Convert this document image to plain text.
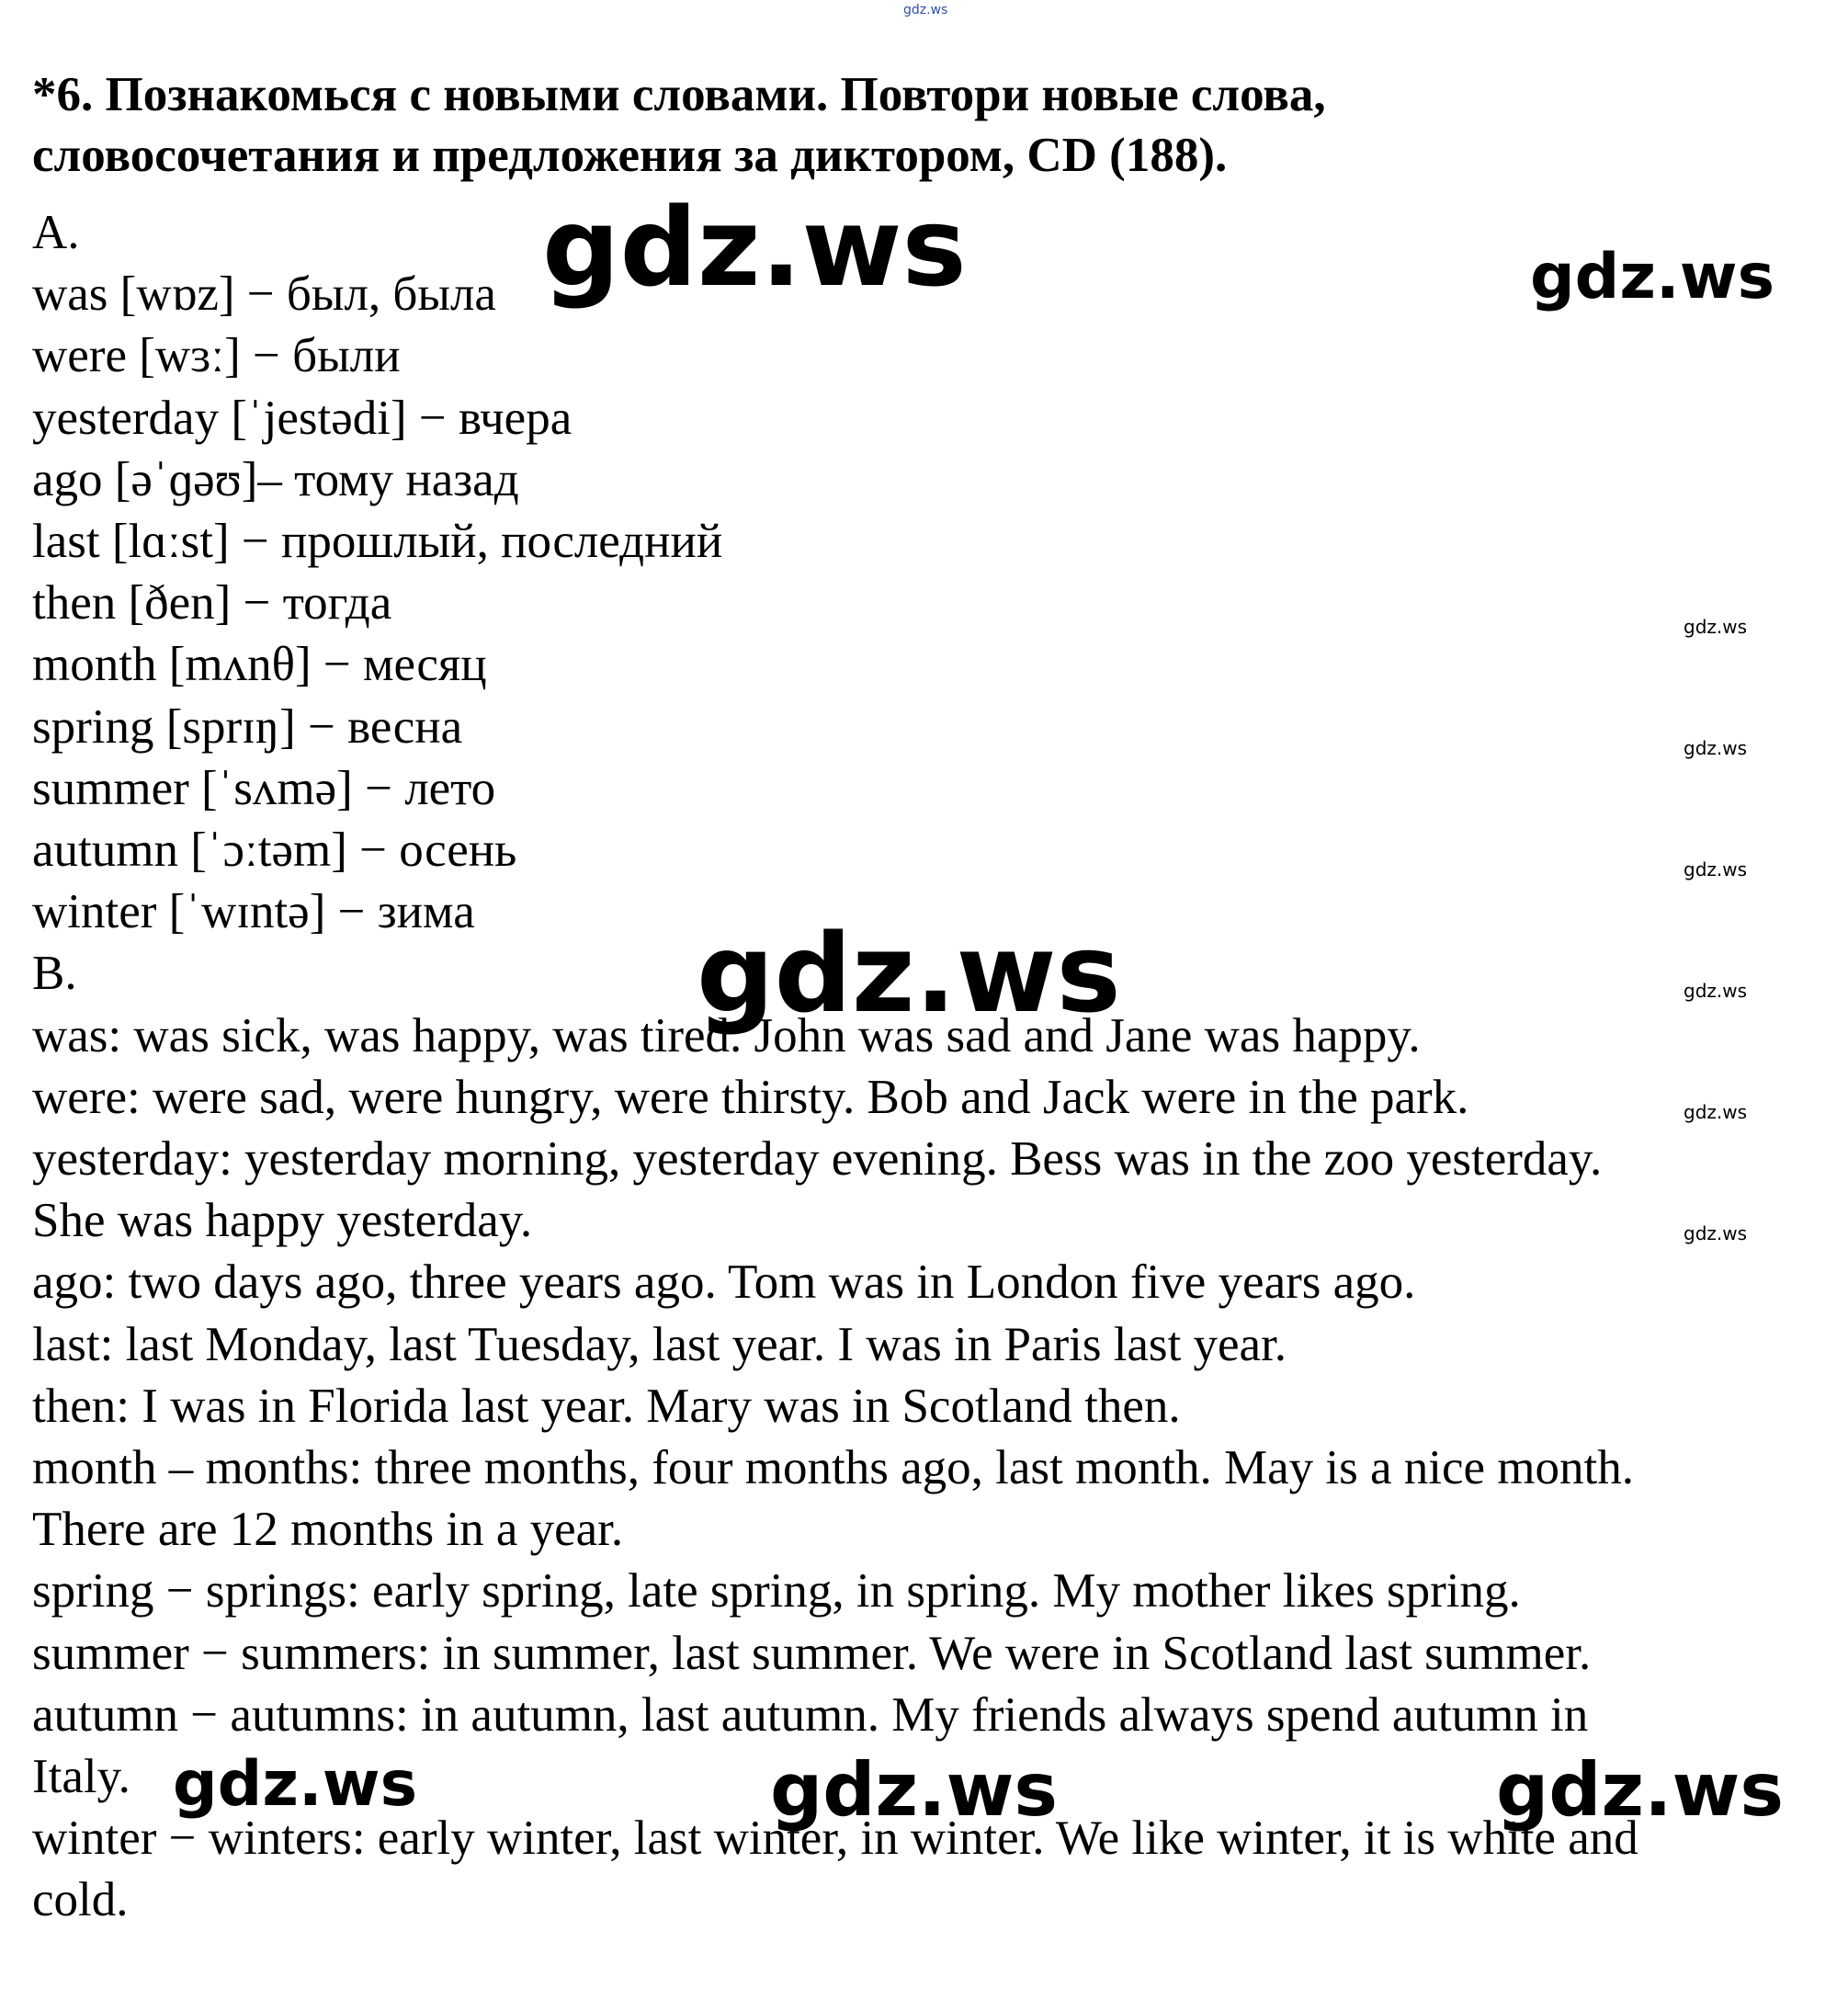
gdz.ws
*6. Познакомься с новыми словами. Повтори новые слова,
словосочетания и предложения за диктором, CD (188).
A.
was [wɒz] − был, была
were [wɜː] − были
yesterday [ˈjestədi] − вчера
ago [əˈɡəʊ]– тому назад
last [lɑːst] − прошлый, последний
then [ðen] − тогда
month [mʌnθ] − месяц
spring [sprɪŋ] − весна
summer [ˈsʌmə] − лето
autumn [ˈɔːtəm] − осень
winter [ˈwɪntə] − зима
B.
was: was sick, was happy, was tired. John was sad and Jane was happy.
were: were sad, were hungry, were thirsty. Bob and Jack were in the park.
yesterday: yesterday morning, yesterday evening. Bess was in the zoo yesterday.
She was happy yesterday.
ago: two days ago, three years ago. Tom was in London five years ago.
last: last Monday, last Tuesday, last year. I was in Paris last year.
then: I was in Florida last year. Mary was in Scotland then.
month – months: three months, four months ago, last month. May is a nice month.
There are 12 months in a year.
spring − springs: early spring, late spring, in spring. My mother likes spring.
summer − summers: in summer, last summer. We were in Scotland last summer.
autumn − autumns: in autumn, last autumn. My friends always spend autumn in
Italy.
winter − winters: early winter, last winter, in winter. We like winter, it is white and
cold.
gdz.ws	gdz.ws
gdz.ws
gdz.ws
gdz.ws
gdz.ws
gdz.ws
gdz.ws
gdz.ws
gdz.ws	gdz.ws	gdz.ws
